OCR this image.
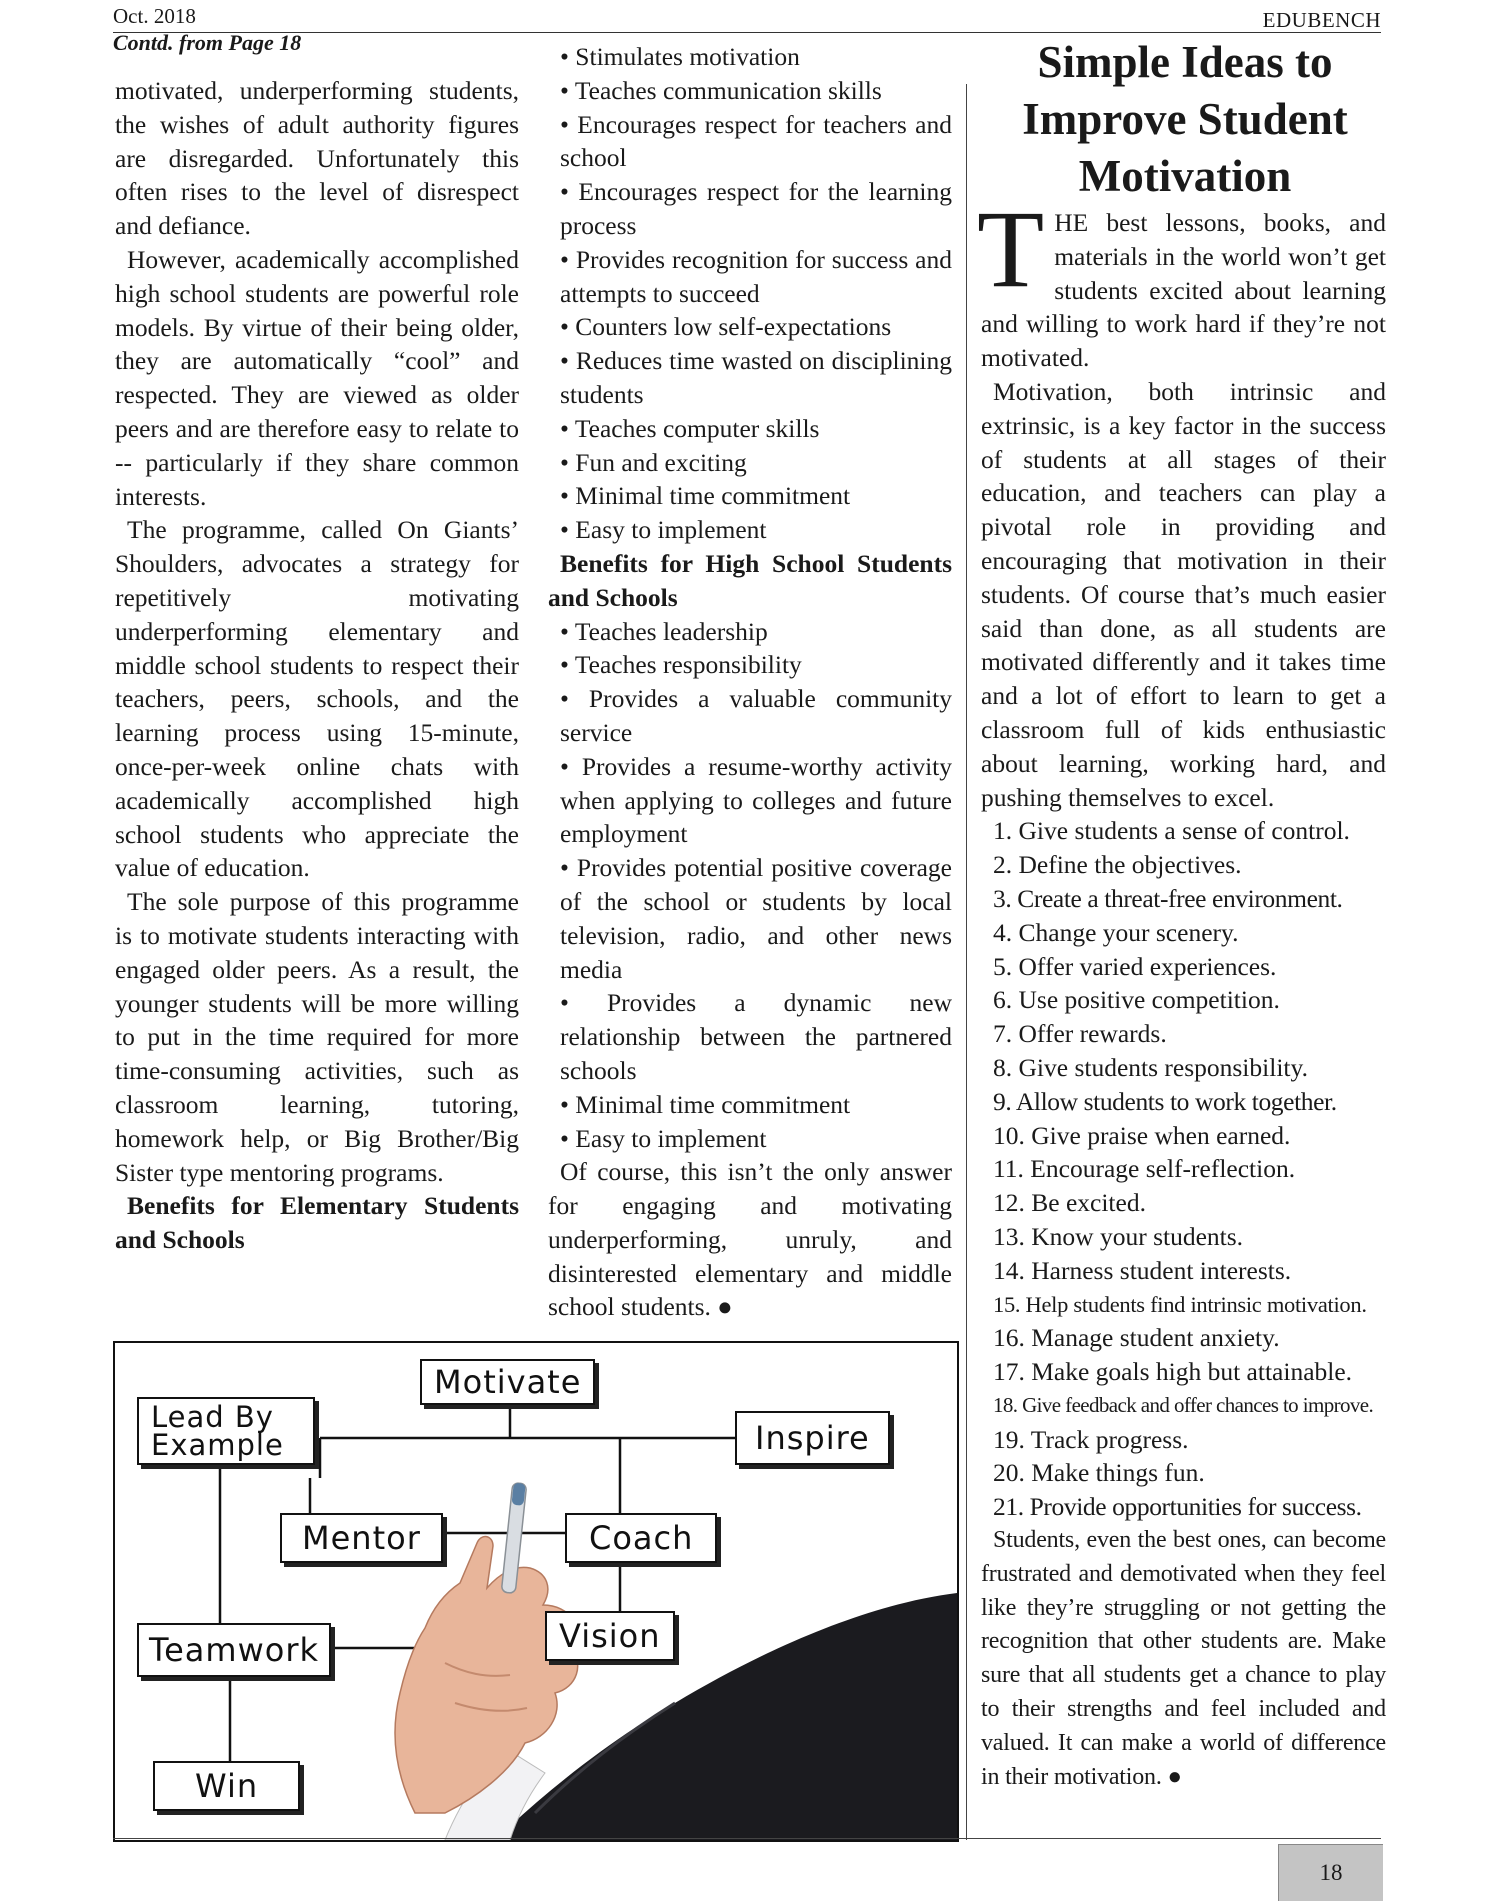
Oct. 2018	EDUBENCH
Contd. from Page 18

motivated, underperforming students, the wishes of adult authority figures are disregarded. Unfortunately this often rises to the level of disrespect and defiance.

However, academically accomplished high school students are powerful role models. By virtue of their being older, they are automatically “cool” and respected. They are viewed as older peers and are therefore easy to relate to -- particularly if they share common interests.

The programme, called On Giants’ Shoulders, advocates a strategy for repetitively motivating underperforming elementary and middle school students to respect their teachers, peers, schools, and the learning process using 15-minute, once-per-week online chats with academically accomplished high school students who appreciate the value of education.

The sole purpose of this programme is to motivate students interacting with engaged older peers. As a result, the younger students will be more willing to put in the time required for more time-consuming activities, such as classroom learning, tutoring, homework help, or Big Brother/Big Sister type mentoring programs.

Benefits for Elementary Students and Schools

• Stimulates motivation

• Teaches communication skills

• Encourages respect for teachers and school

• Encourages respect for the learning process

• Provides recognition for success and attempts to succeed

• Counters low self-expectations

• Reduces time wasted on disciplining students

• Teaches computer skills

• Fun and exciting

• Minimal time commitment

• Easy to implement

Benefits for High School Students and Schools

• Teaches leadership

• Teaches responsibility

• Provides a valuable community service

• Provides a resume-worthy activity when applying to colleges and future employment

• Provides potential positive coverage of the school or students by local television, radio, and other news media

• Provides a dynamic new relationship between the partnered schools

• Minimal time commitment

• Easy to implement

Of course, this isn’t the only answer for engaging and motivating underperforming, unruly, and disinterested elementary and middle school students. ●

Simple Ideas to Improve Student Motivation

T HE best lessons, books, and materials in the world won’t get students excited about learning and willing to work hard if they’re not motivated.

Motivation, both intrinsic and extrinsic, is a key factor in the success of students at all stages of their education, and teachers can play a pivotal role in providing and encouraging that motivation in their students. Of course that’s much easier said than done, as all students are motivated differently and it takes time and a lot of effort to learn to get a classroom full of kids enthusiastic about learning, working hard, and pushing themselves to excel.

1. Give students a sense of control.

2. Define the objectives.

3. Create a threat-free environment.

4. Change your scenery.

5. Offer varied experiences.

6. Use positive competition.

7. Offer rewards.

8. Give students responsibility.

9. Allow students to work together.

10. Give praise when earned.

11. Encourage self-reflection.

12. Be excited.

13. Know your students.

14. Harness student interests.

15. Help students find intrinsic motivation.

16. Manage student anxiety.

17. Make goals high but attainable.

18. Give feedback and offer chances to improve.

19. Track progress.

20. Make things fun.

21. Provide opportunities for success.

Students, even the best ones, can become frustrated and demotivated when they feel like they’re struggling or not getting the recognition that other students are. Make sure that all students get a chance to play to their strengths and feel included and valued. It can make a world of difference in their motivation. ●

Motivate
Lead By Example	Inspire
Mentor	Coach
Teamwork	Vision
Win
18
